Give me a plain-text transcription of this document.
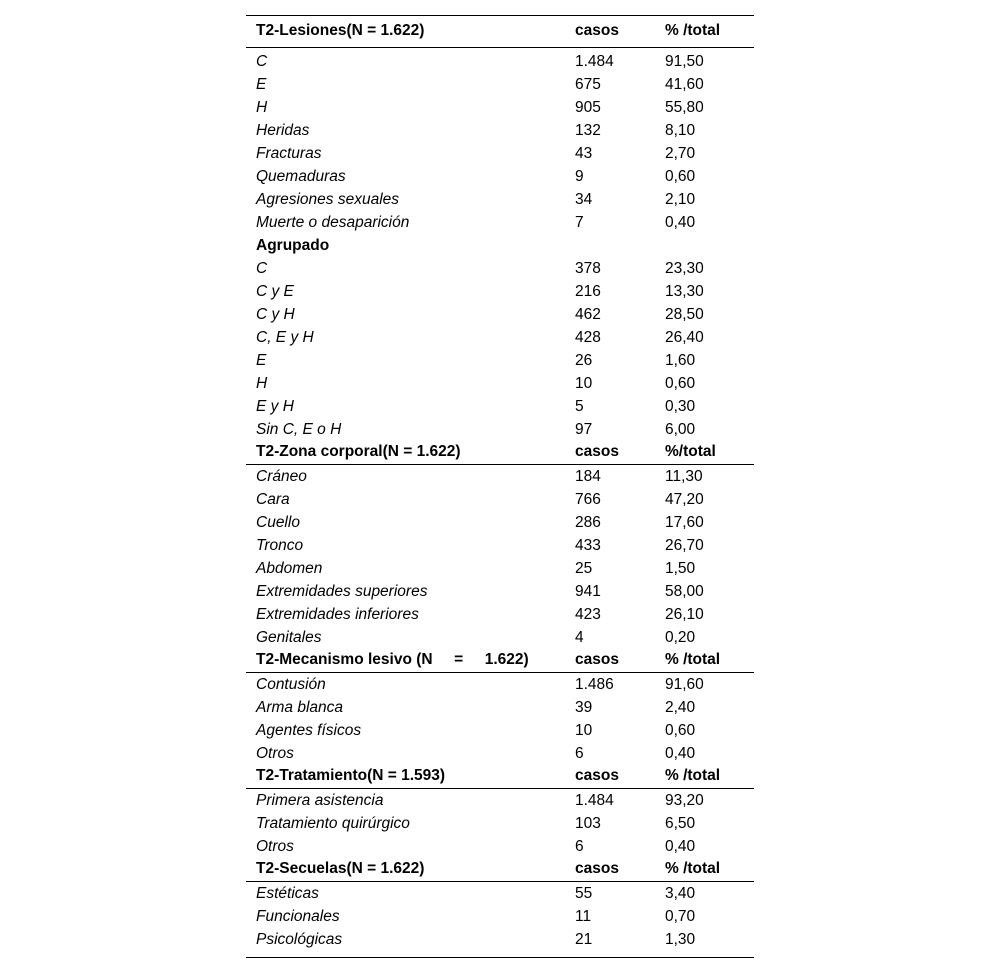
T2-Lesiones(N = 1.622)	casos	% /total
C	1.484	91,50
E	675	41,60
H	905	55,80
Heridas	132	8,10
Fracturas	43	2,70
Quemaduras	9	0,60
Agresiones sexuales	34	2,10
Muerte o desaparición	7	0,40
Agrupado
C	378	23,30
C y E	216	13,30
C y H	462	28,50
C, E y H	428	26,40
E	26	1,60
H	10	0,60
E y H	5	0,30
Sin C, E o H	97	6,00
T2-Zona corporal(N = 1.622)	casos	%/total
Cráneo	184	11,30
Cara	766	47,20
Cuello	286	17,60
Tronco	433	26,70
Abdomen	25	1,50
Extremidades superiores	941	58,00
Extremidades inferiores	423	26,10
Genitales	4	0,20
T2-Mecanismo lesivo (N     =     1.622)	casos	% /total
Contusión	1.486	91,60
Arma blanca	39	2,40
Agentes físicos	10	0,60
Otros	6	0,40
T2-Tratamiento(N = 1.593)	casos	% /total
Primera asistencia	1.484	93,20
Tratamiento quirúrgico	103	6,50
Otros	6	0,40
T2-Secuelas(N = 1.622)	casos	% /total
Estéticas	55	3,40
Funcionales	11	0,70
Psicológicas	21	1,30
